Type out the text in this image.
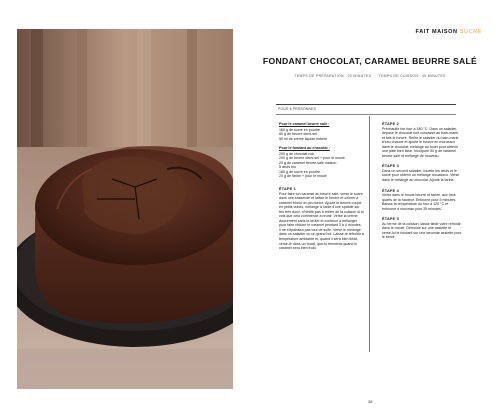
FAIT MAISON SUCRÉ
FONDANT CHOCOLAT, CARAMEL BEURRE SALÉ
TEMPS DE PRÉPARATION : 20 MINUTES TEMPS DE CUISSON : 40 MINUTES
POUR 6 PERSONNES

Pour le caramel beurre salé :

160 g de sucre en poudre
80 g de beurre demi-sel
50 ml de crème liquide entière

Pour le fondant au chocolat :

200 g de chocolat noir
200 g de beurre demi-sel + pour le moule
20 g de caramel beurre salé maison
5 œufs bio
180 g de sucre en poudre
20 g de farine + pour le moule

ÉTAPE 1

Pour faire ton caramel au beurre salé, verse le sucre dans une casserole et laisse le fondre et colorer à caramel blond un peu foncé. Ajoute le beurre coupé en petits cubes, mélange à l'aide d'une spatule sur feu très doux, n'hésite pas à retirer de la cuisson si tu vois que cela commence à brunir. Verse la crème doucement sans te brûler et continue à mélanger pour faire réduire le caramel pendant 3 à 4 minutes. Il ne s'épaissira pas tout de suite. Verse le mélange dans un saladier ou un grand bol. Laisse-le refroidir à température ambiante et, quand il sera bien tiède, verse-le dans un bocal, que tu fermeras quand le caramel sera bien froid.

ÉTAPE 2

Préchauffe ton four à 180 °C. Dans un saladier, dépose le chocolat noir concassé au bain-marie et fais le fondre. Retire le saladier du bain-marie d'eau chaude et ajoute le beurre en morceaux dans le chocolat, mélange au fouet pour obtenir une pâte bien lisse. Incorpore 50 g de caramel beurre salé et mélange de nouveau.

ÉTAPE 3

Dans un second saladier, fouette les œufs et le sucre pour obtenir un mélange mousseux. Verse dans le mélange au chocolat. Ajoute la farine.

ÉTAPE 4

Verse dans le moule beurré et fariné, aux trois quarts de la hauteur. Enfourne pour 5 minutes. Baisse la température du four à 120 °C et enfourne à nouveau pour 35 minutes.

ÉTAPE 5

Au terme de la cuisson, laisse tiédir votre refroidir dans le moule. Démoule sur une assiette et verse-lui le fondant sur une seconde assiette pour le servir.

38
